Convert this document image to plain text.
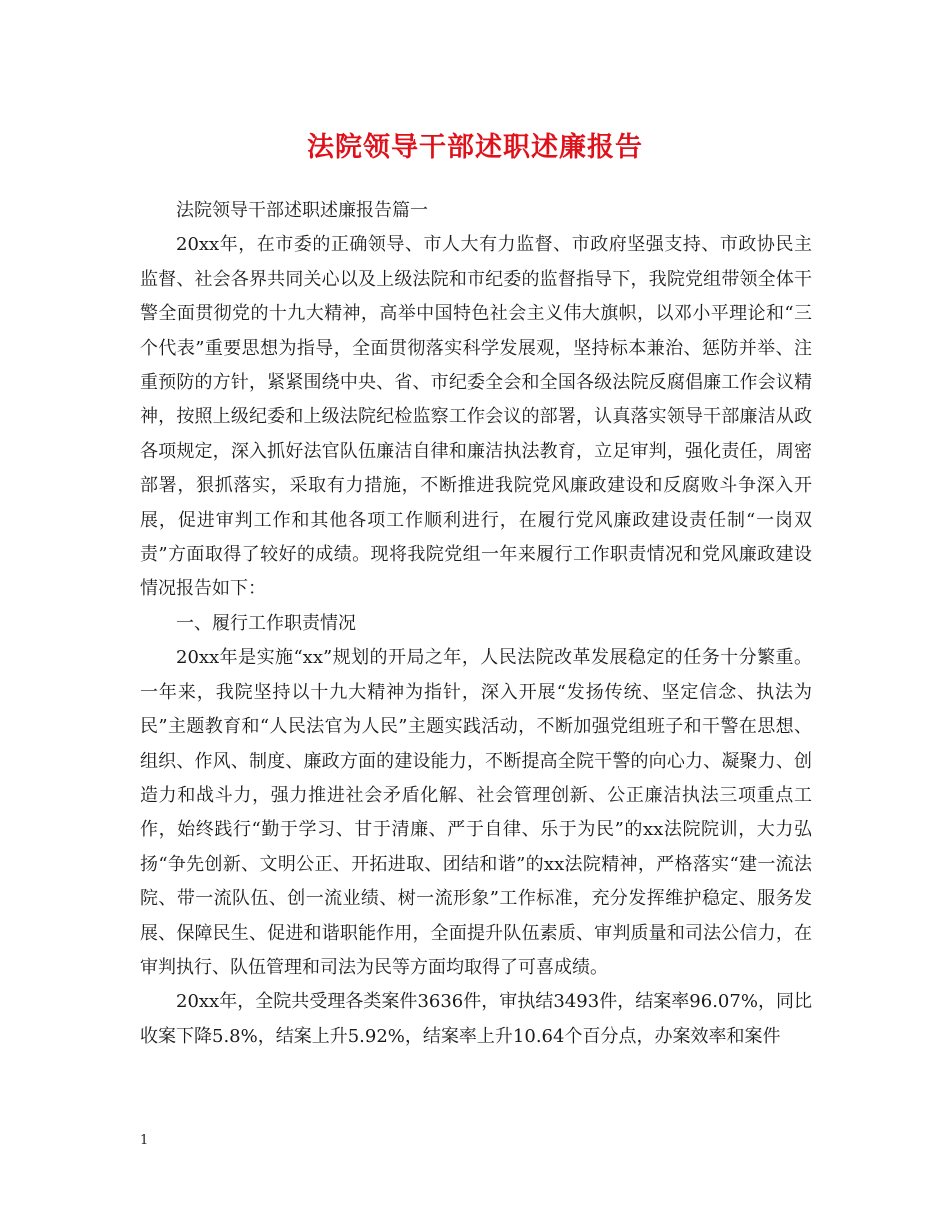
法院领导干部述职述廉报告

法院领导干部述职述廉报告篇一

20xx年，在市委的正确领导、市人大有力监督、市政府坚强支持、市政协民主监督、社会各界共同关心以及上级法院和市纪委的监督指导下，我院党组带领全体干警全面贯彻党的十九大精神，高举中国特色社会主义伟大旗帜，以邓小平理论和“三个代表”重要思想为指导，全面贯彻落实科学发展观，坚持标本兼治、惩防并举、注重预防的方针，紧紧围绕中央、省、市纪委全会和全国各级法院反腐倡廉工作会议精神，按照上级纪委和上级法院纪检监察工作会议的部署，认真落实领导干部廉洁从政各项规定，深入抓好法官队伍廉洁自律和廉洁执法教育，立足审判，强化责任，周密部署，狠抓落实，采取有力措施，不断推进我院党风廉政建设和反腐败斗争深入开展，促进审判工作和其他各项工作顺利进行，在履行党风廉政建设责任制“一岗双责”方面取得了较好的成绩。现将我院党组一年来履行工作职责情况和党风廉政建设情况报告如下：

一、履行工作职责情况

20xx年是实施“xx”规划的开局之年，人民法院改革发展稳定的任务十分繁重。一年来，我院坚持以十九大精神为指针，深入开展“发扬传统、坚定信念、执法为民”主题教育和“人民法官为人民”主题实践活动，不断加强党组班子和干警在思想、组织、作风、制度、廉政方面的建设能力，不断提高全院干警的向心力、凝聚力、创造力和战斗力，强力推进社会矛盾化解、社会管理创新、公正廉洁执法三项重点工作，始终践行“勤于学习、甘于清廉、严于自律、乐于为民”的xx法院院训，大力弘扬“争先创新、文明公正、开拓进取、团结和谐”的xx法院精神，严格落实“建一流法院、带一流队伍、创一流业绩、树一流形象”工作标准，充分发挥维护稳定、服务发展、保障民生、促进和谐职能作用，全面提升队伍素质、审判质量和司法公信力，在审判执行、队伍管理和司法为民等方面均取得了可喜成绩。

20xx年，全院共受理各类案件3636件，审执结3493件，结案率96.07%，同比收案下降5.8%，结案上升5.92%，结案率上升10.64个百分点，办案效率和案件

1
